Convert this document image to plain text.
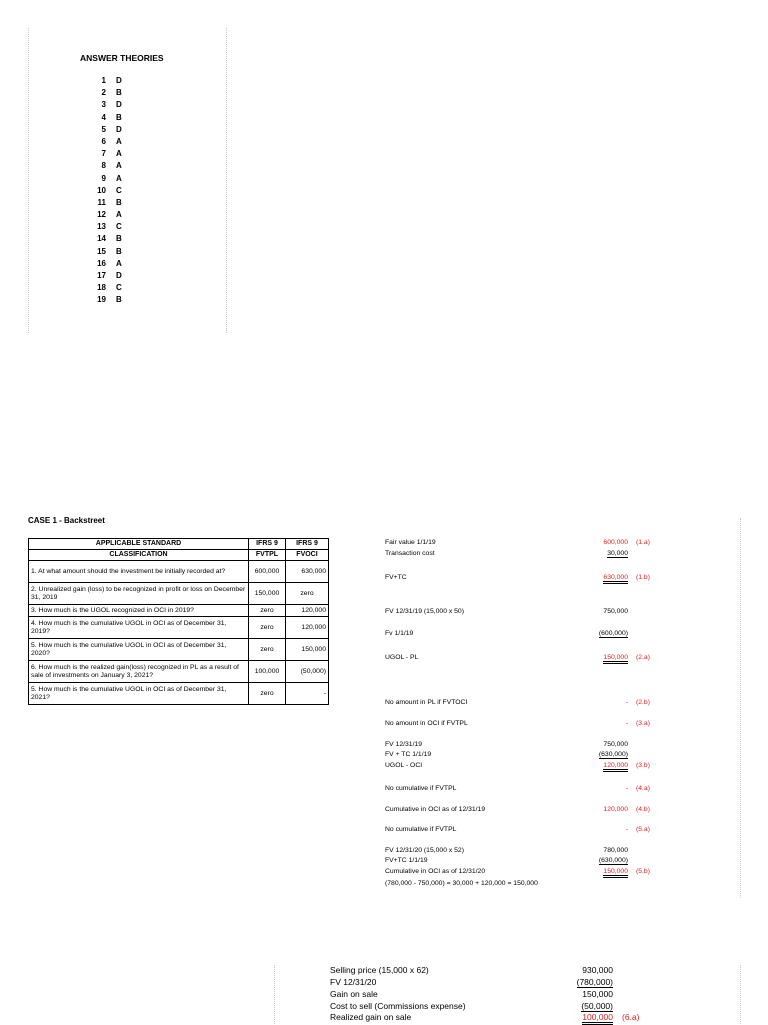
ANSWER THEORIES
1 D
2 B
3 D
4 B
5 D
6 A
7 A
8 A
9 A
10 C
11 B
12 A
13 C
14 B
15 B
16 A
17 D
18 C
19 B
CASE 1 - Backstreet
APPLICABLE STANDARD	IFRS 9	IFRS 9
CLASSIFICATION	FVTPL	FVOCI
1. At what amount should the investment be initially recorded at?	600,000	630,000
2. Unrealized gain (loss) to be recognized in profit or loss on December 31, 2019	150,000	zero
3. How much is the UGOL recognized in OCI in 2019?	zero	120,000
4. How much is the cumulative UGOL in OCI as of December 31, 2019?	zero	120,000
5. How much is the cumulative UGOL in OCI as of December 31, 2020?	zero	150,000
6. How much is the realized gain(loss) recognized in PL as a result of sale of investments on January 3, 2021?	100,000	(50,000)
5. How much is the cumulative UGOL in OCI as of December 31, 2021?	zero	-
Fair value 1/1/19	600,000 (1.a)
Transaction cost	30,000
FV+TC	630,000 (1.b)
FV 12/31/19 (15,000 x 50)	750,000
Fv 1/1/19	(600,000)
UGOL - PL	150,000 (2.a)
No amount in PL if FVTOCI	- (2.b)
No amount in OCI if FVTPL	- (3.a)
FV 12/31/19	750,000
FV + TC 1/1/19	(630,000)
UGOL - OCI	120,000 (3.b)
No cumulative if FVTPL	- (4.a)
Cumulative in OCI as of 12/31/19	120,000 (4.b)
No cumulative if FVTPL	- (5.a)
FV 12/31/20 (15,000 x 52)	780,000
FV+TC 1/1/19	(630,000)
Cumulative in OCI as of 12/31/20	150,000 (5.b)
(780,000 - 750,000) = 30,000 + 120,000 = 150,000
Selling price (15,000 x 62)	930,000
FV 12/31/20	(780,000)
Gain on sale	150,000
Cost to sell (Commissions expense)	(50,000)
Realized gain on sale	100,000 (6.a)
